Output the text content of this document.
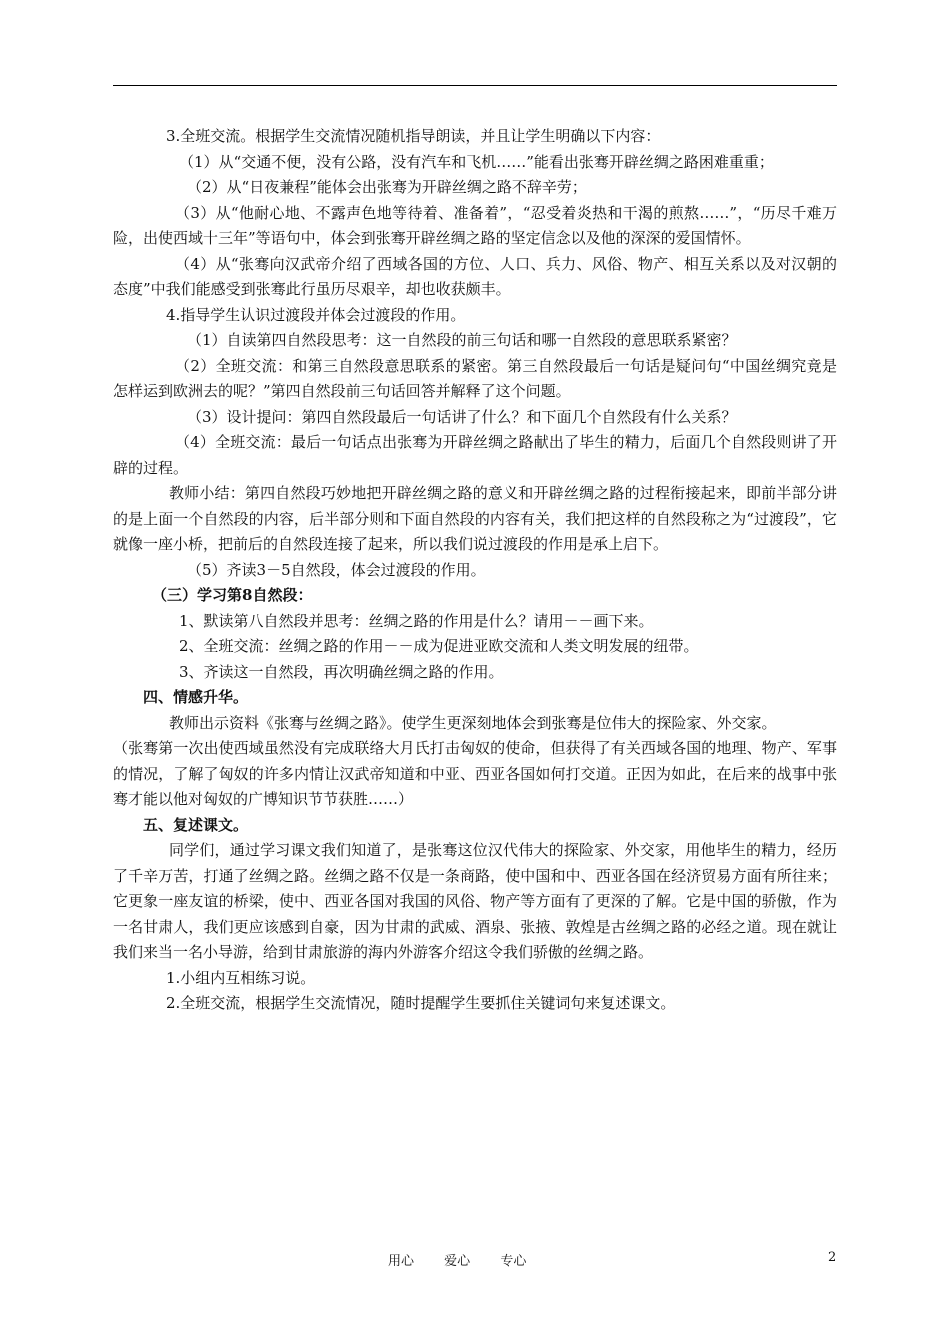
3.全班交流。根据学生交流情况随机指导朗读，并且让学生明确以下内容：

（1）从“交通不便，没有公路，没有汽车和飞机……”能看出张骞开辟丝绸之路困难重重；

（2）从“日夜兼程”能体会出张骞为开辟丝绸之路不辞辛劳；

（3）从“他耐心地、不露声色地等待着、准备着”，“忍受着炎热和干渴的煎熬……”，“历尽千难万险，出使西域十三年”等语句中，体会到张骞开辟丝绸之路的坚定信念以及他的深深的爱国情怀。

（4）从“张骞向汉武帝介绍了西域各国的方位、人口、兵力、风俗、物产、相互关系以及对汉朝的态度”中我们能感受到张骞此行虽历尽艰辛，却也收获颇丰。

4.指导学生认识过渡段并体会过渡段的作用。

（1）自读第四自然段思考：这一自然段的前三句话和哪一自然段的意思联系紧密？

（2）全班交流：和第三自然段意思联系的紧密。第三自然段最后一句话是疑问句“中国丝绸究竟是怎样运到欧洲去的呢？”第四自然段前三句话回答并解释了这个问题。

（3）设计提问：第四自然段最后一句话讲了什么？和下面几个自然段有什么关系？

（4）全班交流：最后一句话点出张骞为开辟丝绸之路献出了毕生的精力，后面几个自然段则讲了开辟的过程。

教师小结：第四自然段巧妙地把开辟丝绸之路的意义和开辟丝绸之路的过程衔接起来，即前半部分讲的是上面一个自然段的内容，后半部分则和下面自然段的内容有关，我们把这样的自然段称之为“过渡段”，它就像一座小桥，把前后的自然段连接了起来，所以我们说过渡段的作用是承上启下。

（5）齐读3－5自然段，体会过渡段的作用。

（三）学习第8自然段：

1、默读第八自然段并思考：丝绸之路的作用是什么？请用－－画下来。

2、全班交流：丝绸之路的作用－－成为促进亚欧交流和人类文明发展的纽带。

3、齐读这一自然段，再次明确丝绸之路的作用。

四、情感升华。

教师出示资料《张骞与丝绸之路》。使学生更深刻地体会到张骞是位伟大的探险家、外交家。

（张骞第一次出使西域虽然没有完成联络大月氏打击匈奴的使命，但获得了有关西域各国的地理、物产、军事的情况，了解了匈奴的许多内情让汉武帝知道和中亚、西亚各国如何打交道。正因为如此，在后来的战事中张骞才能以他对匈奴的广博知识节节获胜……）

五、复述课文。

同学们，通过学习课文我们知道了，是张骞这位汉代伟大的探险家、外交家，用他毕生的精力，经历了千辛万苦，打通了丝绸之路。丝绸之路不仅是一条商路，使中国和中、西亚各国在经济贸易方面有所往来；它更象一座友谊的桥梁，使中、西亚各国对我国的风俗、物产等方面有了更深的了解。它是中国的骄傲，作为一名甘肃人，我们更应该感到自豪，因为甘肃的武威、酒泉、张掖、敦煌是古丝绸之路的必经之道。现在就让我们来当一名小导游，给到甘肃旅游的海内外游客介绍这令我们骄傲的丝绸之路。

1.小组内互相练习说。

2.全班交流，根据学生交流情况，随时提醒学生要抓住关键词句来复述课文。

用心 爱心 专心	2
